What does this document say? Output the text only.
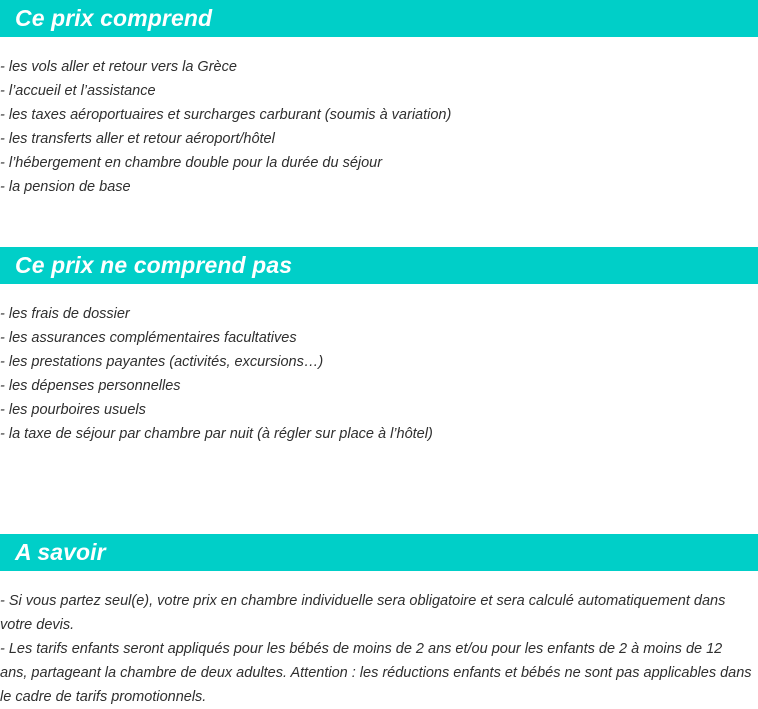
Ce prix comprend
- les vols aller et retour vers la Grèce
- l’accueil et l’assistance
- les taxes aéroportuaires et surcharges carburant (soumis à variation)
- les transferts aller et retour aéroport/hôtel
- l’hébergement en chambre double pour la durée du séjour
- la pension de base
Ce prix ne comprend pas
- les frais de dossier
- les assurances complémentaires facultatives
- les prestations payantes (activités, excursions…)
- les dépenses personnelles
- les pourboires usuels
- la taxe de séjour par chambre par nuit (à régler sur place à l’hôtel)
A savoir
- Si vous partez seul(e), votre prix en chambre individuelle sera obligatoire et sera calculé automatiquement dans votre devis.
- Les tarifs enfants seront appliqués pour les bébés de moins de 2 ans et/ou pour les enfants de 2 à moins de 12 ans, partageant la chambre de deux adultes. Attention : les réductions enfants et bébés ne sont pas applicables dans le cadre de tarifs promotionnels.
